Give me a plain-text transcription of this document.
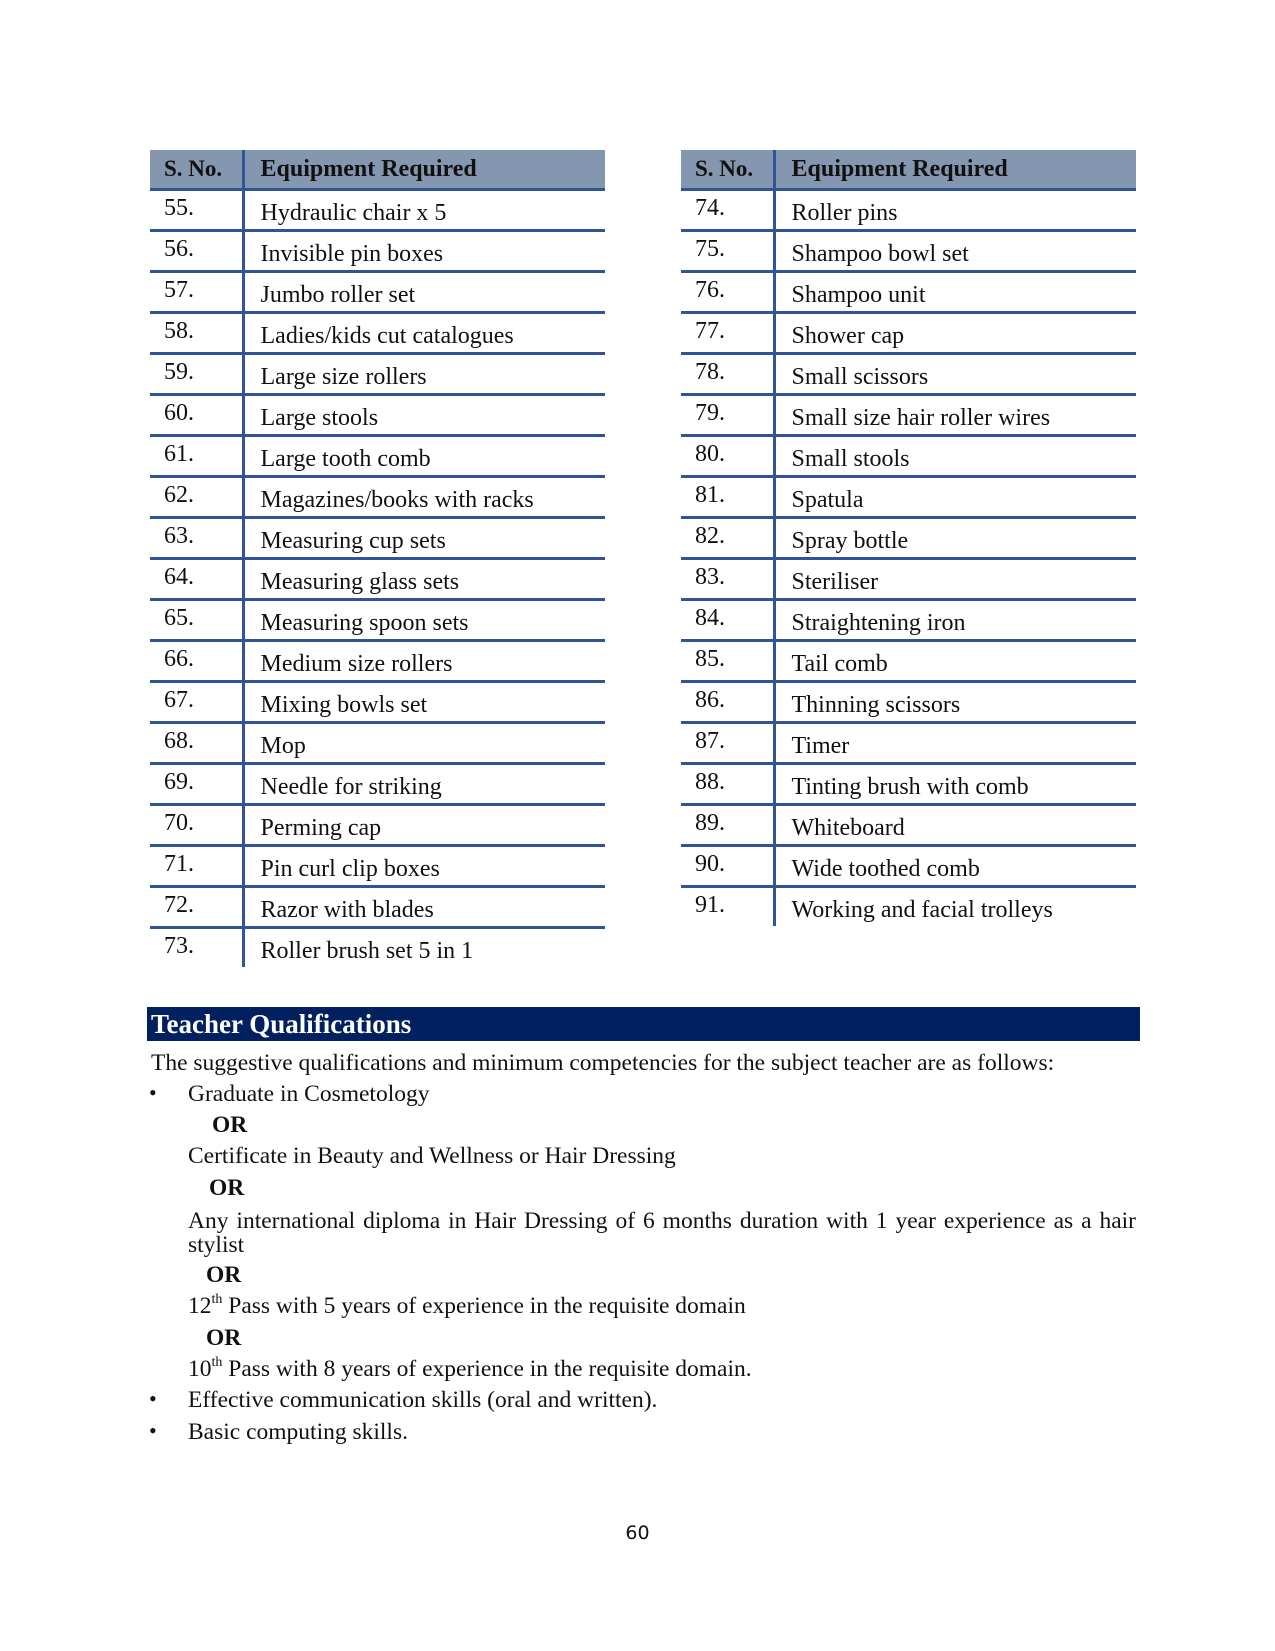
S. No.	Equipment Required
55.	Hydraulic chair x 5
56.	Invisible pin boxes
57.	Jumbo roller set
58.	Ladies/kids cut catalogues
59.	Large size rollers
60.	Large stools
61.	Large tooth comb
62.	Magazines/books with racks
63.	Measuring cup sets
64.	Measuring glass sets
65.	Measuring spoon sets
66.	Medium size rollers
67.	Mixing bowls set
68.	Mop
69.	Needle for striking
70.	Perming cap
71.	Pin curl clip boxes
72.	Razor with blades
73.	Roller brush set 5 in 1
S. No.	Equipment Required
74.	Roller pins
75.	Shampoo bowl set
76.	Shampoo unit
77.	Shower cap
78.	Small scissors
79.	Small size hair roller wires
80.	Small stools
81.	Spatula
82.	Spray bottle
83.	Steriliser
84.	Straightening iron
85.	Tail comb
86.	Thinning scissors
87.	Timer
88.	Tinting brush with comb
89.	Whiteboard
90.	Wide toothed comb
91.	Working and facial trolleys
Teacher Qualifications
The suggestive qualifications and minimum competencies for the subject teacher are as follows:
• Graduate in Cosmetology
OR
Certificate in Beauty and Wellness or Hair Dressing
OR
Any international diploma in Hair Dressing of 6 months duration with 1 year experience as a hair stylist
OR
12th Pass with 5 years of experience in the requisite domain
OR
10th Pass with 8 years of experience in the requisite domain.
• Effective communication skills (oral and written).
• Basic computing skills.
60
